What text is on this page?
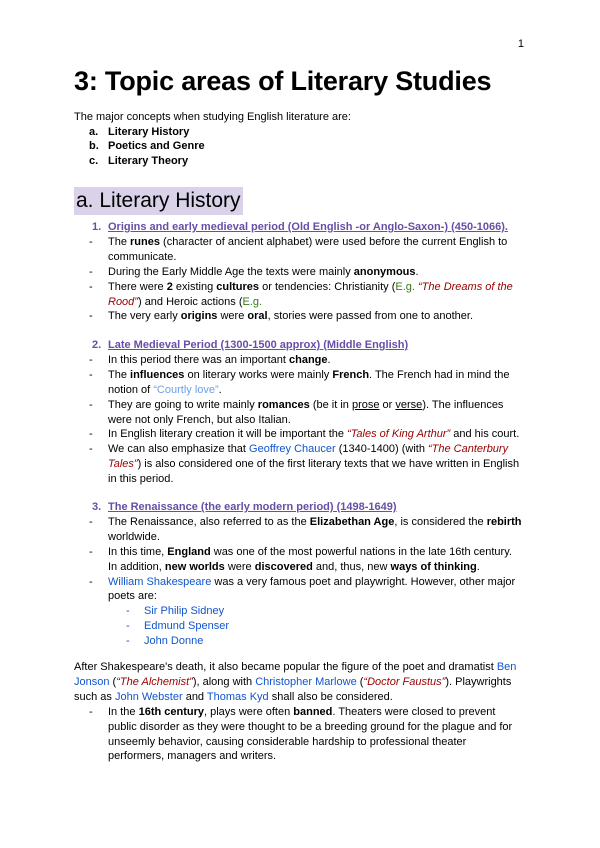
1
3: Topic areas of Literary Studies

The major concepts when studying English literature are:

a. Literary History
b. Poetics and Genre
c. Literary Theory
a. Literary History

1. Origins and early medieval period (Old English -or Anglo-Saxon-) (450-1066).

- The runes (character of ancient alphabet) were used before the current English to communicate.

- During the Early Middle Age the texts were mainly anonymous.

- There were 2 existing cultures or tendencies: Christianity (E.g. “The Dreams of the Rood”) and Heroic actions (E.g.

- The very early origins were oral, stories were passed from one to another.

2. Late Medieval Period (1300-1500 approx) (Middle English)

- In this period there was an important change.

- The influences on literary works were mainly French. The French had in mind the notion of “Courtly love”.

- They are going to write mainly romances (be it in prose or verse). The influences were not only French, but also Italian.

- In English literary creation it will be important the “Tales of King Arthur” and his court.

- We can also emphasize that Geoffrey Chaucer (1340-1400) (with “The Canterbury Tales”) is also considered one of the first literary texts that we have written in English in this period.

3. The Renaissance (the early modern period) (1498-1649)

- The Renaissance, also referred to as the Elizabethan Age, is considered the rebirth worldwide.

- In this time, England was one of the most powerful nations in the late 16th century. In addition, new worlds were discovered and, thus, new ways of thinking.

- William Shakespeare was a very famous poet and playwright. However, other major poets are:

- Sir Philip Sidney

- Edmund Spenser

- John Donne

After Shakespeare's death, it also became popular the figure of the poet and dramatist Ben Jonson (“The Alchemist”), along with Christopher Marlowe (“Doctor Faustus”). Playwrights such as John Webster and Thomas Kyd shall also be considered.

- In the 16th century, plays were often banned. Theaters were closed to prevent public disorder as they were thought to be a breeding ground for the plague and for unseemly behavior, causing considerable hardship to professional theater performers, managers and writers.
